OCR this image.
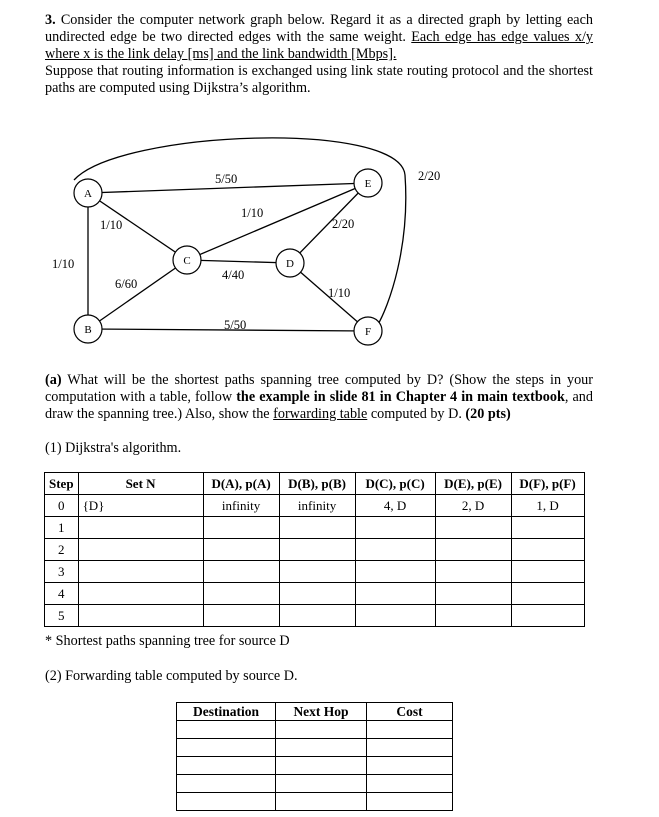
3. Consider the computer network graph below. Regard it as a directed graph by letting each undirected edge be two directed edges with the same weight. Each edge has edge values x/y where x is the link delay [ms] and the link bandwidth [Mbps].
Suppose that routing information is exchanged using link state routing protocol and the shortest paths are computed using Dijkstra’s algorithm.
A
B
C	D
E
F
5/50
1/10
1/10
6/60
5/50
1/10
4/40
2/20
1/10
2/20
(a) What will be the shortest paths spanning tree computed by D? (Show the steps in your computation with a table, follow the example in slide 81 in Chapter 4 in main textbook, and draw the spanning tree.) Also, show the forwarding table computed by D. (20 pts)
(1) Dijkstra's algorithm.
Step	Set N	D(A), p(A)	D(B), p(B)	D(C), p(C)	D(E), p(E)	D(F), p(F)
0	{D}	infinity	infinity	4, D	2, D	1, D
1						
2						
3						
4						
5						
* Shortest paths spanning tree for source D
(2) Forwarding table computed by source D.
Destination	Next Hop	Cost
